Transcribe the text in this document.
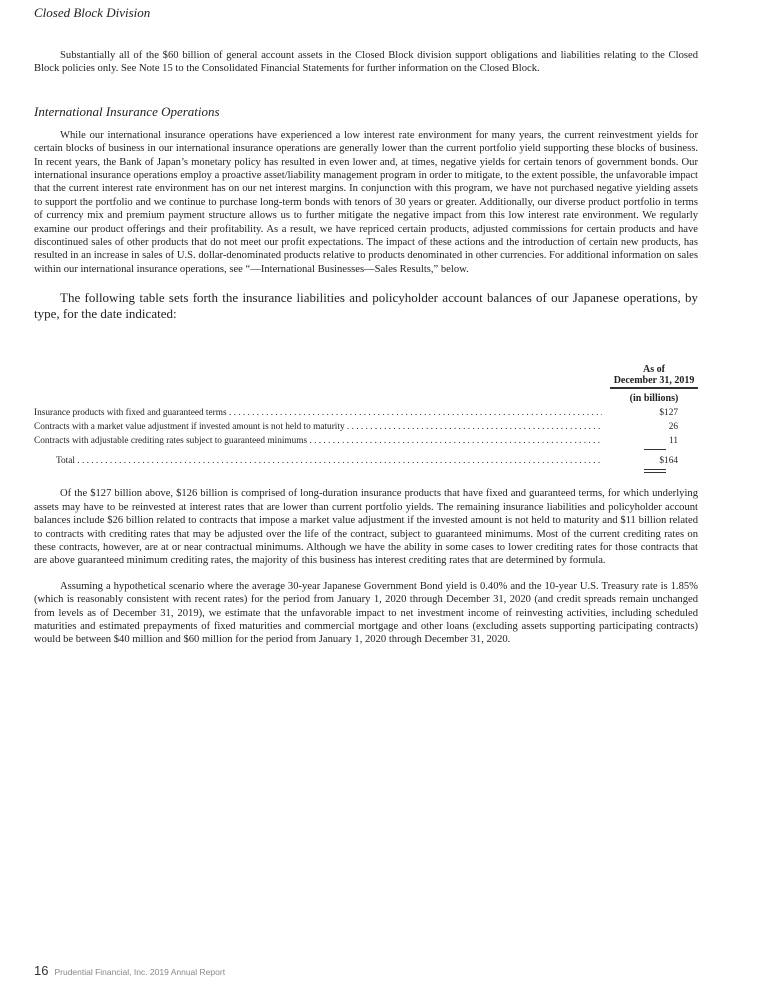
Closed Block Division

Substantially all of the $60 billion of general account assets in the Closed Block division support obligations and liabilities relating to the Closed Block policies only. See Note 15 to the Consolidated Financial Statements for further information on the Closed Block.

International Insurance Operations

While our international insurance operations have experienced a low interest rate environment for many years, the current reinvestment yields for certain blocks of business in our international insurance operations are generally lower than the current portfolio yield supporting these blocks of business. In recent years, the Bank of Japan’s monetary policy has resulted in even lower and, at times, negative yields for certain tenors of government bonds. Our international insurance operations employ a proactive asset/liability management program in order to mitigate, to the extent possible, the unfavorable impact that the current interest rate environment has on our net interest margins. In conjunction with this program, we have not purchased negative yielding assets to support the portfolio and we continue to purchase long-term bonds with tenors of 30 years or greater. Additionally, our diverse product portfolio in terms of currency mix and premium payment structure allows us to further mitigate the negative impact from this low interest rate environment. We regularly examine our product offerings and their profitability. As a result, we have repriced certain products, adjusted commissions for certain products and have discontinued sales of other products that do not meet our profit expectations. The impact of these actions and the introduction of certain new products, has resulted in an increase in sales of U.S. dollar-denominated products relative to products denominated in other currencies. For additional information on sales within our international insurance operations, see “—International Businesses—Sales Results,” below.

The following table sets forth the insurance liabilities and policyholder account balances of our Japanese operations, by type, for the date indicated:

As of
December 31, 2019
(in billions)
Insurance products with fixed and guaranteed terms . . .	$127
Contracts with a market value adjustment if invested amount is not held to maturity . . .	26
Contracts with adjustable crediting rates subject to guaranteed minimums . . .	11
Total . . .	$164

Of the $127 billion above, $126 billion is comprised of long-duration insurance products that have fixed and guaranteed terms, for which underlying assets may have to be reinvested at interest rates that are lower than current portfolio yields. The remaining insurance liabilities and policyholder account balances include $26 billion related to contracts that impose a market value adjustment if the invested amount is not held to maturity and $11 billion related to contracts with crediting rates that may be adjusted over the life of the contract, subject to guaranteed minimums. Most of the current crediting rates on these contracts, however, are at or near contractual minimums. Although we have the ability in some cases to lower crediting rates for those contracts that are above guaranteed minimum crediting rates, the majority of this business has interest crediting rates that are determined by formula.

Assuming a hypothetical scenario where the average 30-year Japanese Government Bond yield is 0.40% and the 10-year U.S. Treasury rate is 1.85% (which is reasonably consistent with recent rates) for the period from January 1, 2020 through December 31, 2020 (and credit spreads remain unchanged from levels as of December 31, 2019), we estimate that the unfavorable impact to net investment income of reinvesting activities, including scheduled maturities and estimated prepayments of fixed maturities and commercial mortgage and other loans (excluding assets supporting participating contracts) would be between $40 million and $60 million for the period from January 1, 2020 through December 31, 2020.

16 Prudential Financial, Inc. 2019 Annual Report
